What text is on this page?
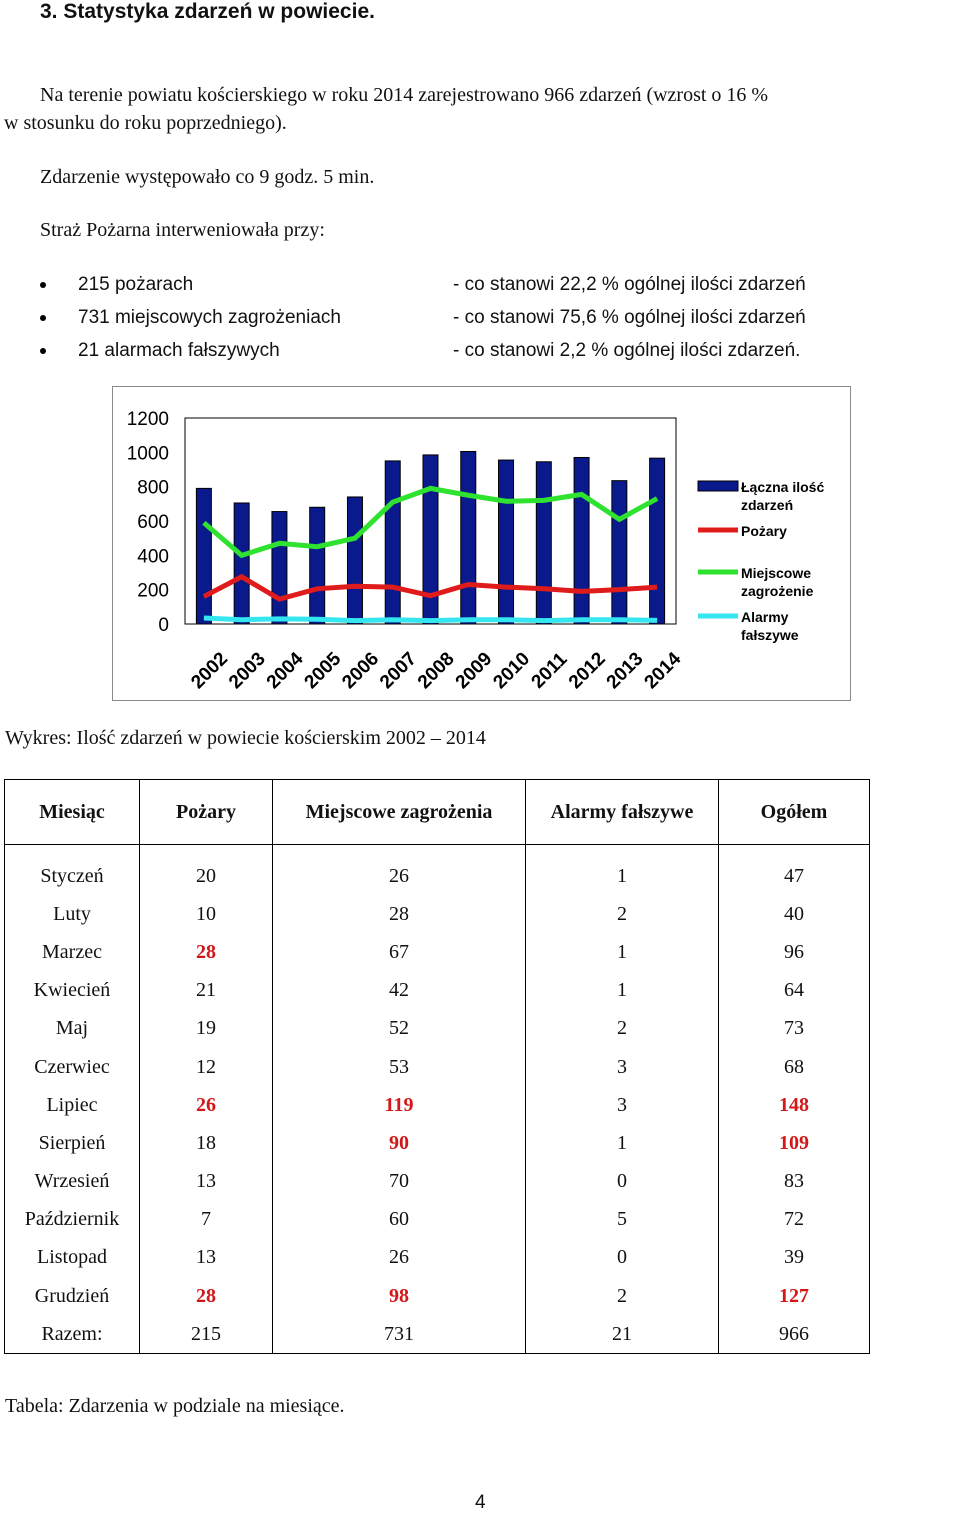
3. Statystyka zdarzeń w powiecie.
Na terenie powiatu kościerskiego w roku 2014 zarejestrowano 966 zdarzeń (wzrost o 16 %
w stosunku do roku poprzedniego).
Zdarzenie występowało co 9 godz. 5 min.
Straż Pożarna interweniowała przy:
215 pożarach	- co stanowi 22,2 % ogólnej ilości zdarzeń
731 miejscowych zagrożeniach	- co stanowi 75,6 % ogólnej ilości zdarzeń
21 alarmach fałszywych	- co stanowi 2,2 % ogólnej ilości zdarzeń.
1200
1000
800
600
400
200
0
2002
2003
2004
2005
2006
2007
2008
2009
2010
2011
2012
2013
2014
Łączna ilość
zdarzeń
Pożary
Miejscowe
zagrożenie
Alarmy
fałszywe
Wykres: Ilość zdarzeń w powiecie kościerskim 2002 – 2014
Miesiąc	Pożary	Miejscowe zagrożenia	Alarmy fałszywe	Ogółem

Styczeń	20	26	1	47
Luty	10	28	2	40
Marzec	28	67	1	96
Kwiecień	21	42	1	64
Maj	19	52	2	73
Czerwiec	12	53	3	68
Lipiec	26	119	3	148
Sierpień	18	90	1	109
Wrzesień	13	70	0	83
Październik	7	60	5	72
Listopad	13	26	0	39
Grudzień	28	98	2	127
Razem:	215	731	21	966
Tabela: Zdarzenia w podziale na miesiące.
4
